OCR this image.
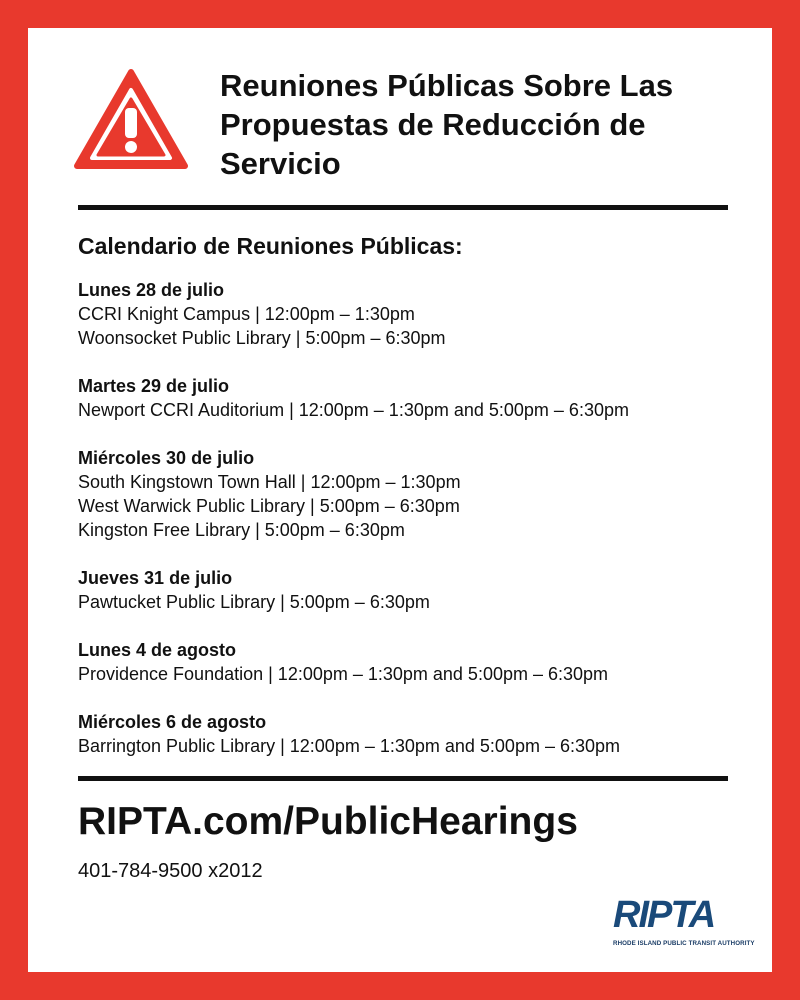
Reuniones Públicas Sobre Las Propuestas de Reducción de Servicio
Calendario de Reuniones Públicas:
Lunes 28 de julio
CCRI Knight Campus | 12:00pm – 1:30pm
Woonsocket Public Library | 5:00pm – 6:30pm
Martes 29 de julio
Newport CCRI Auditorium | 12:00pm – 1:30pm and 5:00pm – 6:30pm
Miércoles 30 de julio
South Kingstown Town Hall | 12:00pm – 1:30pm
West Warwick Public Library | 5:00pm – 6:30pm
Kingston Free Library | 5:00pm – 6:30pm
Jueves 31 de julio
Pawtucket Public Library | 5:00pm – 6:30pm
Lunes 4 de agosto
Providence Foundation | 12:00pm – 1:30pm and 5:00pm – 6:30pm
Miércoles 6 de agosto
Barrington Public Library | 12:00pm – 1:30pm and 5:00pm – 6:30pm
RIPTA.com/PublicHearings
401-784-9500 x2012
RIPTA
RHODE ISLAND PUBLIC TRANSIT AUTHORITY
